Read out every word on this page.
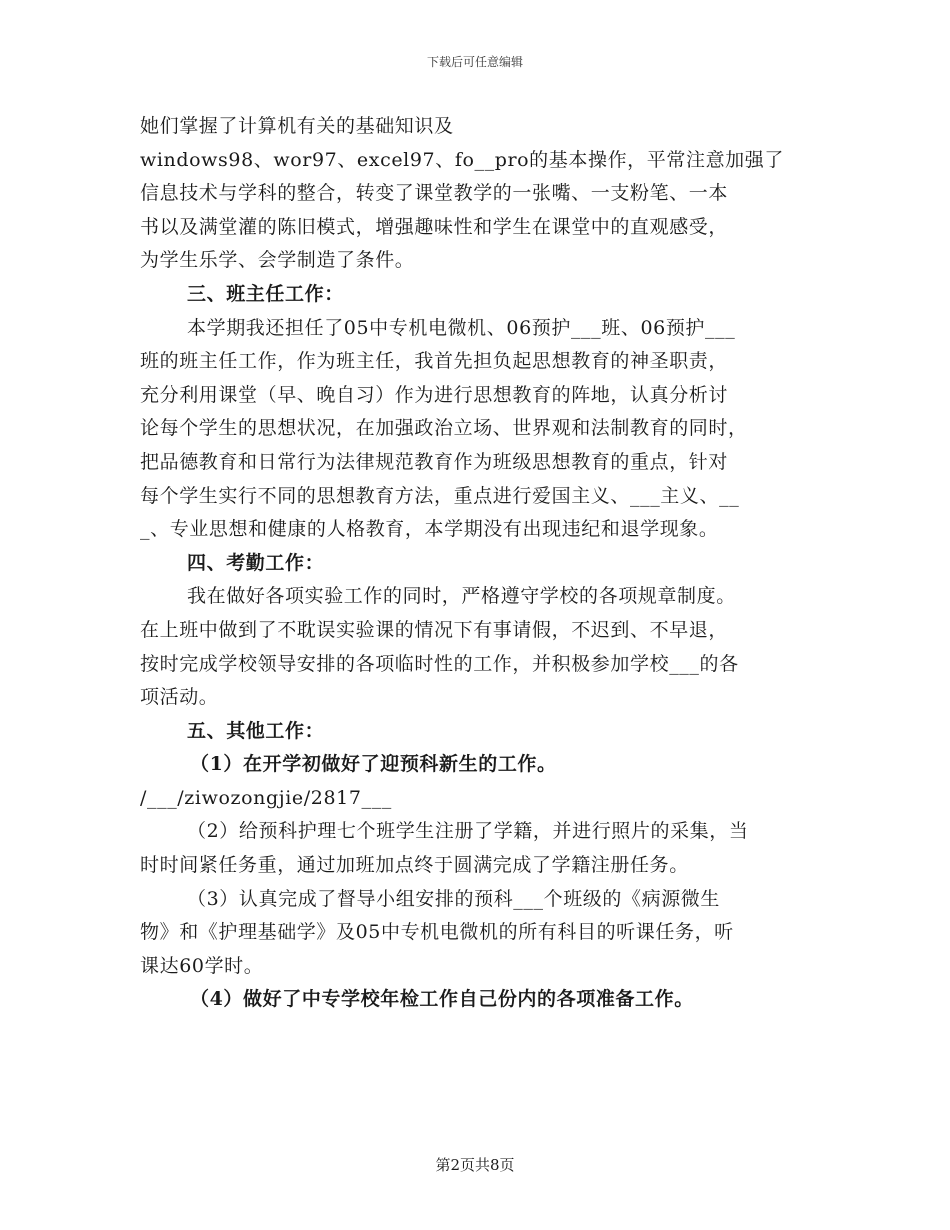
下载后可任意编辑
她们掌握了计算机有关的基础知识及
windows98、wor97、excel97、fo__pro的基本操作，平常注意加强了
信息技术与学科的整合，转变了课堂教学的一张嘴、一支粉笔、一本
书以及满堂灌的陈旧模式，增强趣味性和学生在课堂中的直观感受，
为学生乐学、会学制造了条件。
三、班主任工作：
本学期我还担任了05中专机电微机、06预护___班、06预护___
班的班主任工作，作为班主任，我首先担负起思想教育的神圣职责，
充分利用课堂（早、晚自习）作为进行思想教育的阵地，认真分析讨
论每个学生的思想状况，在加强政治立场、世界观和法制教育的同时，
把品德教育和日常行为法律规范教育作为班级思想教育的重点，针对
每个学生实行不同的思想教育方法，重点进行爱国主义、___主义、__
_、专业思想和健康的人格教育，本学期没有出现违纪和退学现象。
四、考勤工作：
我在做好各项实验工作的同时，严格遵守学校的各项规章制度。
在上班中做到了不耽误实验课的情况下有事请假，不迟到、不早退，
按时完成学校领导安排的各项临时性的工作，并积极参加学校___的各
项活动。
五、其他工作：
（1）在开学初做好了迎预科新生的工作。
/___/ziwozongjie/2817___
（2）给预科护理七个班学生注册了学籍，并进行照片的采集，当
时时间紧任务重，通过加班加点终于圆满完成了学籍注册任务。
（3）认真完成了督导小组安排的预科___个班级的《病源微生
物》和《护理基础学》及05中专机电微机的所有科目的听课任务，听
课达60学时。
（4）做好了中专学校年检工作自己份内的各项准备工作。
第2页共8页
